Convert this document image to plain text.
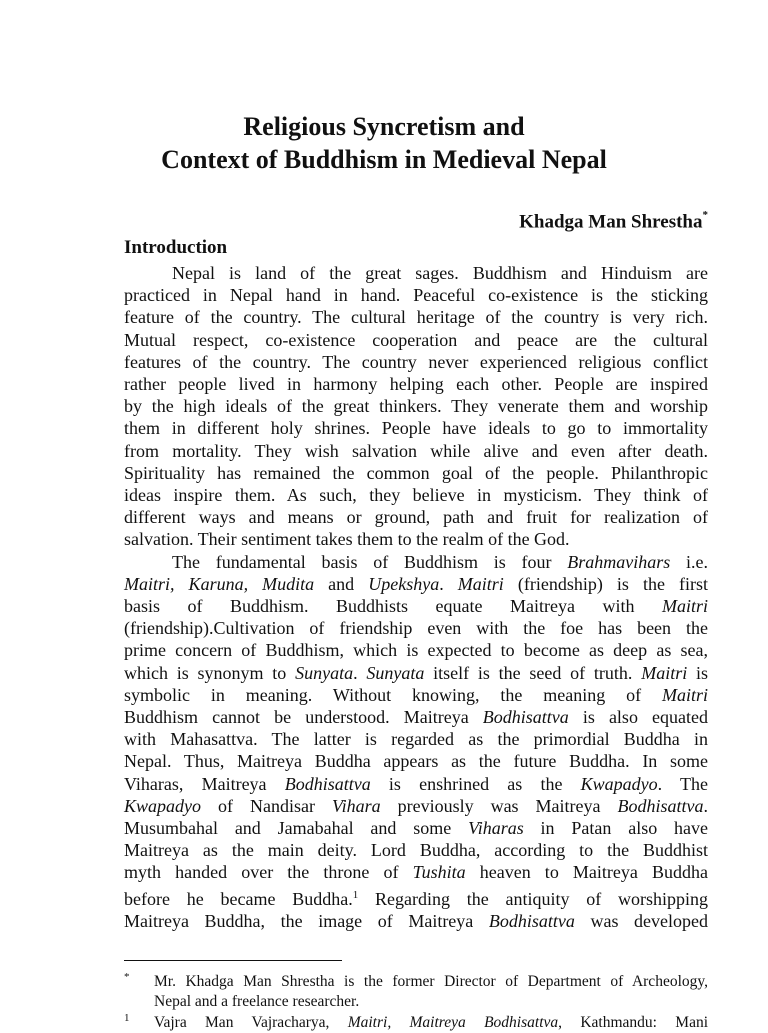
Religious Syncretism and
Context of Buddhism in Medieval Nepal
Khadga Man Shrestha*
Introduction
Nepal is land of the great sages. Buddhism and Hinduism are
practiced in Nepal hand in hand. Peaceful co-existence is the sticking
feature of the country. The cultural heritage of the country is very rich.
Mutual respect, co-existence cooperation and peace are the cultural
features of the country. The country never experienced religious conflict
rather people lived in harmony helping each other. People are inspired
by the high ideals of the great thinkers. They venerate them and worship
them in different holy shrines. People have ideals to go to immortality
from mortality. They wish salvation while alive and even after death.
Spirituality has remained the common goal of the people. Philanthropic
ideas inspire them. As such, they believe in mysticism. They think of
different ways and means or ground, path and fruit for realization of
salvation. Their sentiment takes them to the realm of the God.
The fundamental basis of Buddhism is four Brahmavihars i.e.
Maitri, Karuna, Mudita and Upekshya. Maitri (friendship) is the first
basis of Buddhism. Buddhists equate Maitreya with Maitri
(friendship).Cultivation of friendship even with the foe has been the
prime concern of Buddhism, which is expected to become as deep as sea,
which is synonym to Sunyata. Sunyata itself is the seed of truth. Maitri is
symbolic in meaning. Without knowing, the meaning of Maitri
Buddhism cannot be understood. Maitreya Bodhisattva is also equated
with Mahasattva. The latter is regarded as the primordial Buddha in
Nepal. Thus, Maitreya Buddha appears as the future Buddha. In some
Viharas, Maitreya Bodhisattva is enshrined as the Kwapadyo. The
Kwapadyo of Nandisar Vihara previously was Maitreya Bodhisattva.
Musumbahal and Jamabahal and some Viharas in Patan also have
Maitreya as the main deity. Lord Buddha, according to the Buddhist
myth handed over the throne of Tushita heaven to Maitreya Buddha
before he became Buddha.$^1$ Regarding the antiquity of worshipping
Maitreya Buddha, the image of Maitreya Bodhisattva was developed
* Mr. Khadga Man Shrestha is the former Director of Department of Archeology,
Nepal and a freelance researcher.
1 Vajra Man Vajracharya, Maitri, Maitreya Bodhisattva, Kathmandu: Mani
